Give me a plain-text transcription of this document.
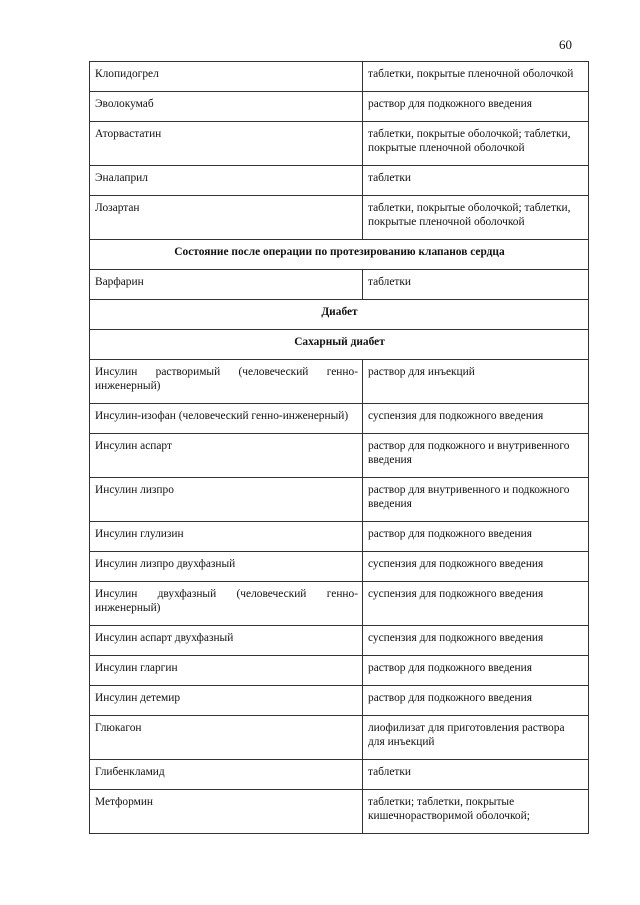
60
Клопидогрел	таблетки, покрытые пленочной оболочкой
Эволокумаб	раствор для подкожного введения
Аторвастатин	таблетки, покрытые оболочкой; таблетки, покрытые пленочной оболочкой
Эналаприл	таблетки
Лозартан	таблетки, покрытые оболочкой; таблетки, покрытые пленочной оболочкой
Состояние после операции по протезированию клапанов сердца	
Варфарин	таблетки
Диабет	
Сахарный диабет	
Инсулин растворимый (человеческий генно-инженерный)	раствор для инъекций
Инсулин-изофан (человеческий генно-инженерный)	суспензия для подкожного введения
Инсулин аспарт	раствор для подкожного и внутривенного введения
Инсулин лизпро	раствор для внутривенного и подкожного введения
Инсулин глулизин	раствор для подкожного введения
Инсулин лизпро двухфазный	суспензия для подкожного введения
Инсулин двухфазный (человеческий генно-инженерный)	суспензия для подкожного введения
Инсулин аспарт двухфазный	суспензия для подкожного введения
Инсулин гларгин	раствор для подкожного введения
Инсулин детемир	раствор для подкожного введения
Глюкагон	лиофилизат для приготовления раствора для инъекций
Глибенкламид	таблетки
Метформин	таблетки; таблетки, покрытые кишечнорастворимой оболочкой;
